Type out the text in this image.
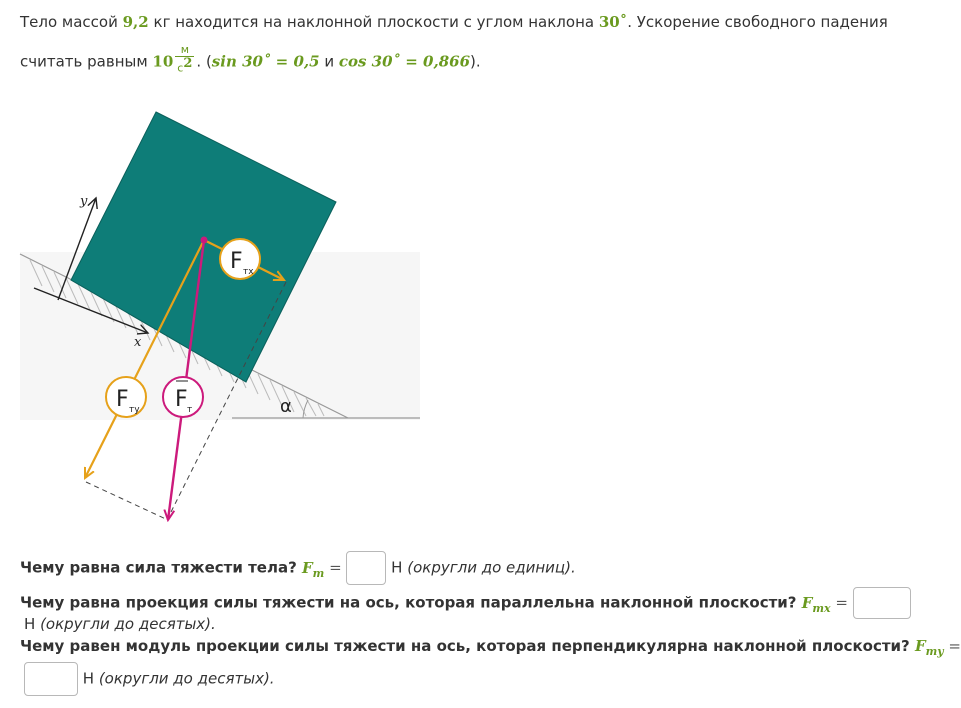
Тело массой 9,2 кг находится на наклонной плоскости с углом наклона 30˚. Ускорение свободного падения
считать равным $10 \frac{м}{с^2}$ . (sin 30˚ = 0,5 и cos 30˚ = 0,866).
α
x
y
F тх
F ту F т
Чему равна сила тяжести тела? $F_т$ =	Н (округли до единиц).
Чему равна проекция силы тяжести на ось, которая параллельна наклонной плоскости? $F_{тx}$ =
Н (округли до десятых).
Чему равен модуль проекции силы тяжести на ось, которая перпендикулярна наклонной плоскости? $F_{тy}$ =
Н (округли до десятых).
